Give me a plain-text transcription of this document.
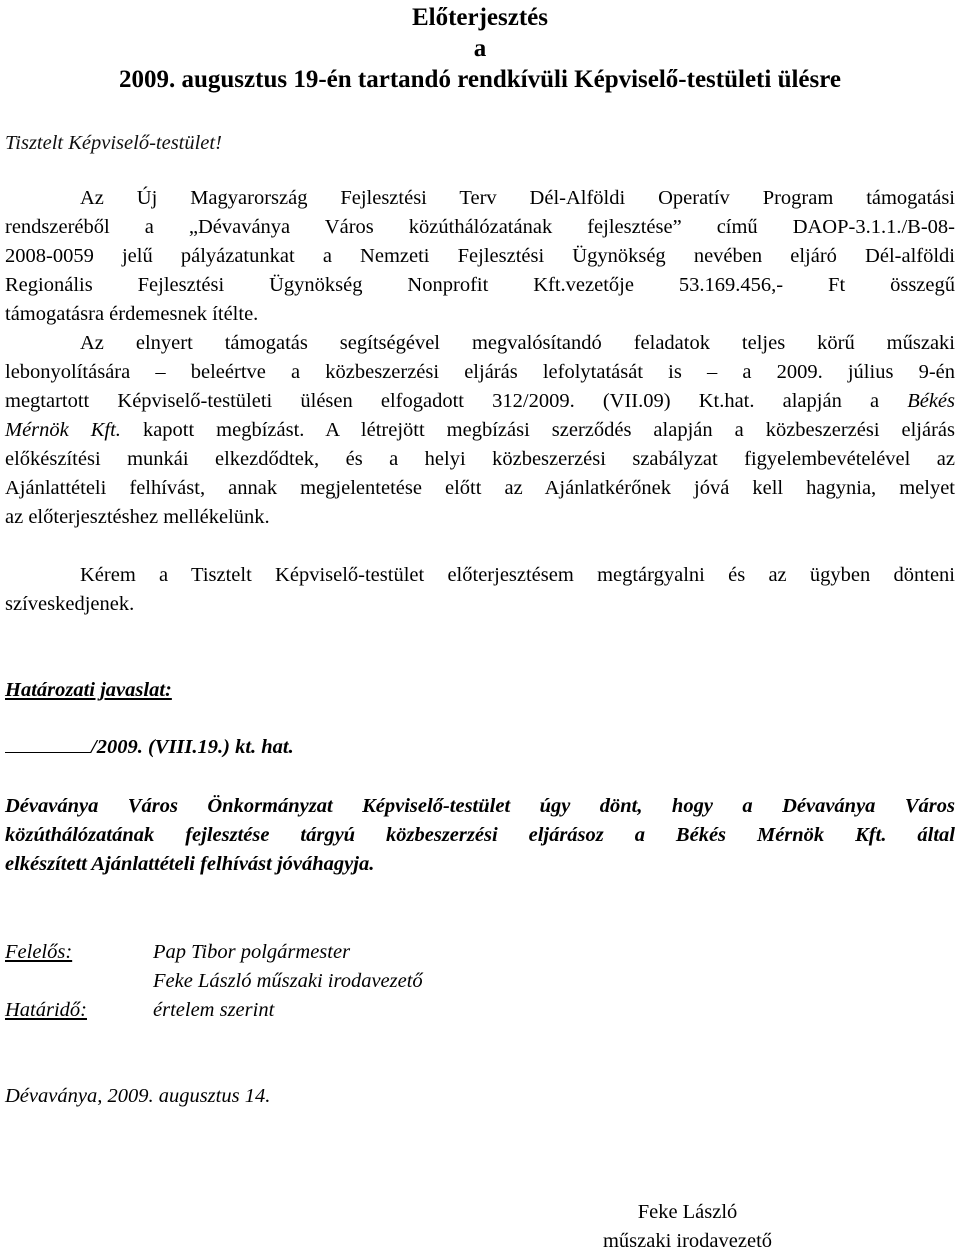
Előterjesztés
a
2009. augusztus 19-én tartandó rendkívüli Képviselő-testületi ülésre
Tisztelt Képviselő-testület!
Az Új Magyarország Fejlesztési Terv Dél-Alföldi Operatív Program támogatási
rendszeréből a „Dévaványa Város közúthálózatának fejlesztése” című DAOP-3.1.1./B-08-
2008-0059 jelű pályázatunkat a Nemzeti Fejlesztési Ügynökség nevében eljáró Dél-alföldi
Regionális Fejlesztési Ügynökség Nonprofit Kft.vezetője 53.169.456,- Ft összegű
támogatásra érdemesnek ítélte.
Az elnyert támogatás segítségével megvalósítandó feladatok teljes körű műszaki
lebonyolítására – beleértve a közbeszerzési eljárás lefolytatását is – a 2009. július 9-én
megtartott Képviselő-testületi ülésen elfogadott 312/2009. (VII.09) Kt.hat. alapján a Békés
Mérnök Kft. kapott megbízást. A létrejött megbízási szerződés alapján a közbeszerzési eljárás
előkészítési munkái elkezdődtek, és a helyi közbeszerzési szabályzat figyelembevételével az
Ajánlattételi felhívást, annak megjelentetése előtt az Ajánlatkérőnek jóvá kell hagynia, melyet
az előterjesztéshez mellékelünk.
Kérem a Tisztelt Képviselő-testület előterjesztésem megtárgyalni és az ügyben dönteni
szíveskedjenek.
Határozati javaslat:
/2009. (VIII.19.) kt. hat.
Dévaványa Város Önkormányzat Képviselő-testület úgy dönt, hogy a Dévaványa Város
közúthálózatának fejlesztése tárgyú közbeszerzési eljárásoz a Békés Mérnök Kft. által
elkészített Ajánlattételi felhívást jóváhagyja.
Felelős:	Pap Tibor polgármester
Feke László műszaki irodavezető
Határidő:	értelem szerint
Dévaványa, 2009. augusztus 14.
Feke László
műszaki irodavezető
